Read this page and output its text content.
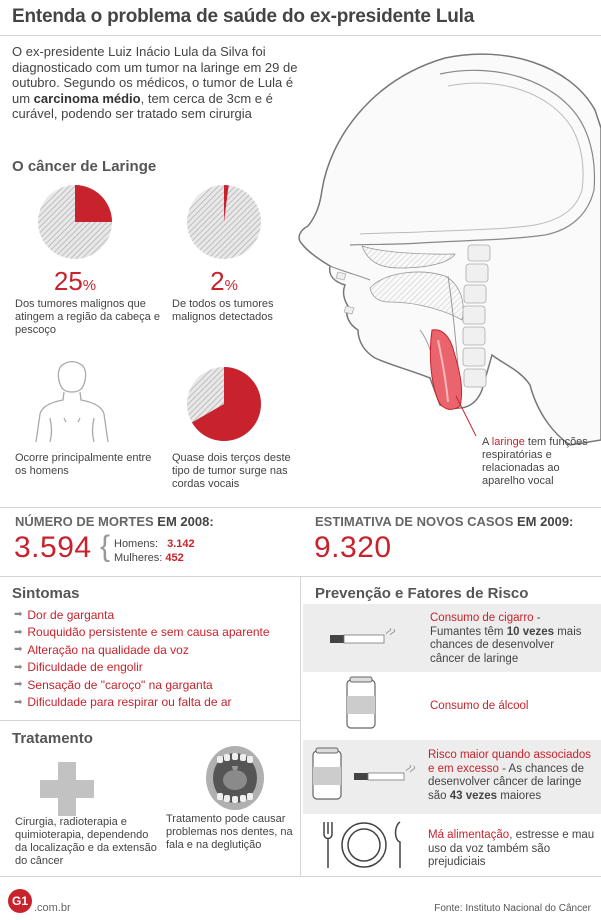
Entenda o problema de saúde do ex-presidente Lula
O ex-presidente Luiz Inácio Lula da Silva foi diagnosticado com um tumor na laringe em 29 de outubro. Segundo os médicos, o tumor de Lula é um carcinoma médio, tem cerca de 3cm e é curável, podendo ser tratado sem cirurgia
O câncer de Laringe
25%
Dos tumores malignos que atingem a região da cabeça e pescoço
2%
De todos os tumores malignos detectados
Ocorre principalmente entre os homens
Quase dois terços deste tipo de tumor surge nas cordas vocais
A laringe tem funções respiratórias e relacionadas ao aparelho vocal
NÚMERO DE MORTES EM 2008:
3.594 { Homens: 3.142
Mulheres: 452
ESTIMATIVA DE NOVOS CASOS EM 2009:
9.320
Sintomas
➡ Dor de garganta
➡ Rouquidão persistente e sem causa aparente
➡ Alteração na qualidade da voz
➡ Dificuldade de engolir
➡ Sensação de "caroço" na garganta
➡ Dificuldade para respirar ou falta de ar
Tratamento
Cirurgia, radioterapia e quimioterapia, dependendo da localização e da extensão do câncer
Tratamento pode causar problemas nos dentes, na fala e na deglutição
Prevenção e Fatores de Risco
Consumo de cigarro - Fumantes têm 10 vezes mais chances de desenvolver câncer de laringe
Consumo de álcool
Risco maior quando associados e em excesso - As chances de desenvolver câncer de laringe são 43 vezes maiores
Má alimentação, estresse e mau uso da voz também são prejudiciais
G1 .com.br	Fonte: Instituto Nacional do Câncer
